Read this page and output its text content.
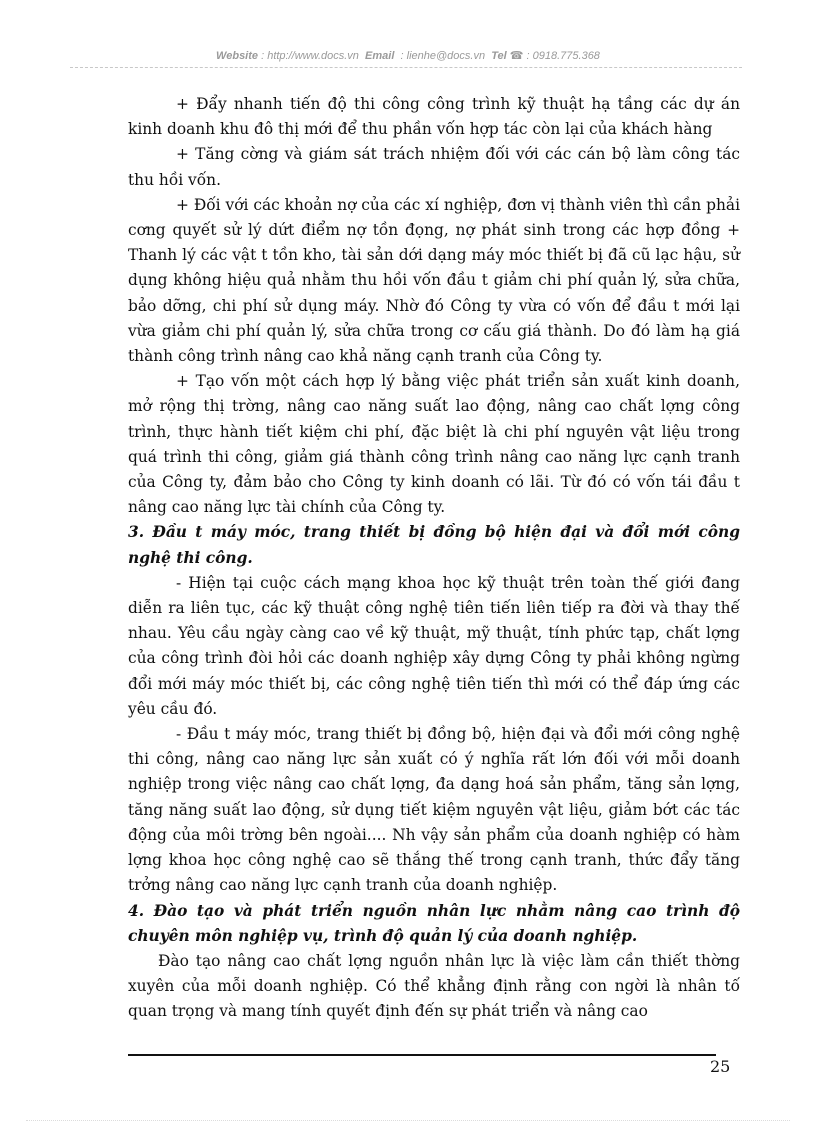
Website : http://www.docs.vn Email : lienhe@docs.vn Tel ☎ : 0918.775.368

+ Đẩy nhanh tiến độ thi công công trình kỹ thuật hạ tầng các dự án kinh doanh khu đô thị mới để thu phần vốn hợp tác còn lại của khách hàng

+ Tăng cờng và giám sát trách nhiệm đối với các cán bộ làm công tác thu hồi vốn.

+ Đối với các khoản nợ của các xí nghiệp, đơn vị thành viên thì cần phải cơng quyết sử lý dứt điểm nợ tồn đọng, nợ phát sinh trong các hợp đồng + Thanh lý các vật t tồn kho, tài sản dới dạng máy móc thiết bị đã cũ lạc hậu, sử dụng không hiệu quả nhằm thu hồi vốn đầu t giảm chi phí quản lý, sửa chữa, bảo dỡng, chi phí sử dụng máy. Nhờ đó Công ty vừa có vốn để đầu t mới lại vừa giảm chi phí quản lý, sửa chữa trong cơ cấu giá thành. Do đó làm hạ giá thành công trình nâng cao khả năng cạnh tranh của Công ty.

+ Tạo vốn một cách hợp lý bằng việc phát triển sản xuất kinh doanh, mở rộng thị trờng, nâng cao năng suất lao động, nâng cao chất lợng công trình, thực hành tiết kiệm chi phí, đặc biệt là chi phí nguyên vật liệu trong quá trình thi công, giảm giá thành công trình nâng cao năng lực cạnh tranh của Công ty, đảm bảo cho Công ty kinh doanh có lãi. Từ đó có vốn tái đầu t nâng cao năng lực tài chính của Công ty.

3. Đầu t máy móc, trang thiết bị đồng bộ hiện đại và đổi mới công nghệ thi công.

- Hiện tại cuộc cách mạng khoa học kỹ thuật trên toàn thế giới đang diễn ra liên tục, các kỹ thuật công nghệ tiên tiến liên tiếp ra đời và thay thế nhau. Yêu cầu ngày càng cao về kỹ thuật, mỹ thuật, tính phức tạp, chất lợng của công trình đòi hỏi các doanh nghiệp xây dựng Công ty phải không ngừng đổi mới máy móc thiết bị, các công nghệ tiên tiến thì mới có thể đáp ứng các yêu cầu đó.

- Đầu t máy móc, trang thiết bị đồng bộ, hiện đại và đổi mới công nghệ thi công, nâng cao năng lực sản xuất có ý nghĩa rất lớn đối với mỗi doanh nghiệp trong việc nâng cao chất lợng, đa dạng hoá sản phẩm, tăng sản lợng, tăng năng suất lao động, sử dụng tiết kiệm nguyên vật liệu, giảm bớt các tác động của môi trờng bên ngoài.... Nh vậy sản phẩm của doanh nghiệp có hàm lợng khoa học công nghệ cao sẽ thắng thế trong cạnh tranh, thức đẩy tăng trởng nâng cao năng lực cạnh tranh của doanh nghiệp.

4. Đào tạo và phát triển nguồn nhân lực nhằm nâng cao trình độ chuyên môn nghiệp vụ, trình độ quản lý của doanh nghiệp.

Đào tạo nâng cao chất lợng nguồn nhân lực là việc làm cần thiết thờng xuyên của mỗi doanh nghiệp. Có thể khẳng định rằng con ngời là nhân tố quan trọng và mang tính quyết định đến sự phát triển và nâng cao

25
